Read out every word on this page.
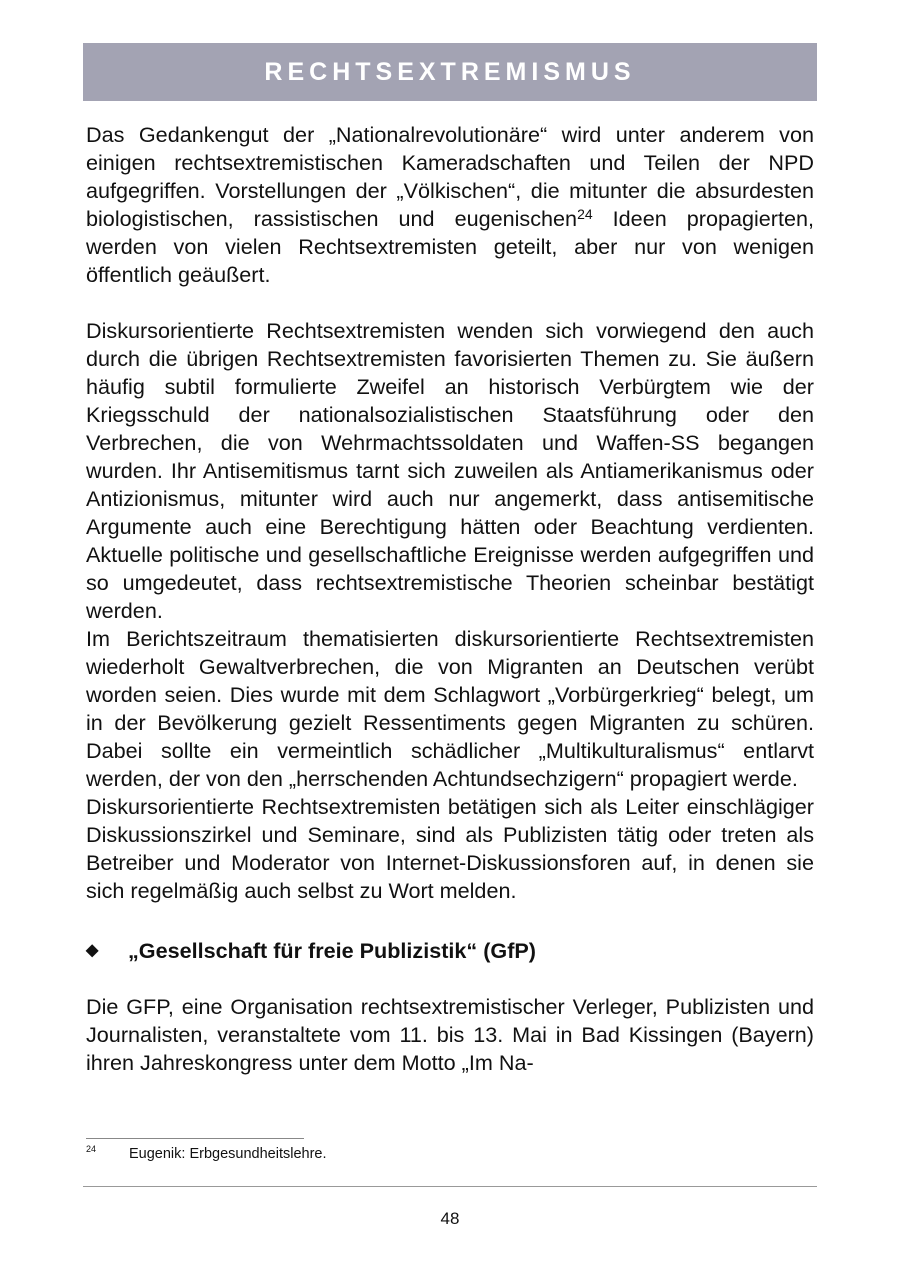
RECHTSEXTREMISMUS

Das Gedankengut der „Nationalrevolutionäre“ wird unter anderem von einigen rechtsextremistischen Kameradschaften und Teilen der NPD aufgegriffen. Vorstellungen der „Völkischen“, die mitunter die absurdesten biologistischen, rassistischen und eugenischen$^{24}$ Ideen propagierten, werden von vielen Rechtsextremisten geteilt, aber nur von wenigen öffentlich geäußert.

Diskursorientierte Rechtsextremisten wenden sich vorwiegend den auch durch die übrigen Rechtsextremisten favorisierten Themen zu. Sie äußern häufig subtil formulierte Zweifel an historisch Verbürgtem wie der Kriegsschuld der nationalsozialistischen Staatsführung oder den Verbrechen, die von Wehrmachtssoldaten und Waffen-SS begangen wurden. Ihr Antisemitismus tarnt sich zuweilen als Antiamerikanismus oder Antizionismus, mitunter wird auch nur angemerkt, dass antisemitische Argumente auch eine Berechtigung hätten oder Beachtung verdienten. Aktuelle politische und gesellschaftliche Ereignisse werden aufgegriffen und so umgedeutet, dass rechtsextremistische Theorien scheinbar bestätigt werden.

Im Berichtszeitraum thematisierten diskursorientierte Rechtsextremisten wiederholt Gewaltverbrechen, die von Migranten an Deutschen verübt worden seien. Dies wurde mit dem Schlagwort „Vorbürgerkrieg“ belegt, um in der Bevölkerung gezielt Ressentiments gegen Migranten zu schüren. Dabei sollte ein vermeintlich schädlicher „Multikulturalismus“ entlarvt werden, der von den „herrschenden Achtundsechzigern“ propagiert werde.

Diskursorientierte Rechtsextremisten betätigen sich als Leiter einschlägiger Diskussionszirkel und Seminare, sind als Publizisten tätig oder treten als Betreiber und Moderator von Internet-Diskussionsforen auf, in denen sie sich regelmäßig auch selbst zu Wort melden.

◆	„Gesellschaft für freie Publizistik“ (GfP)

Die GFP, eine Organisation rechtsextremistischer Verleger, Publizisten und Journalisten, veranstaltete vom 11. bis 13. Mai in Bad Kissingen (Bayern) ihren Jahreskongress unter dem Motto „Im Na-

24	Eugenik: Erbgesundheitslehre.
48
